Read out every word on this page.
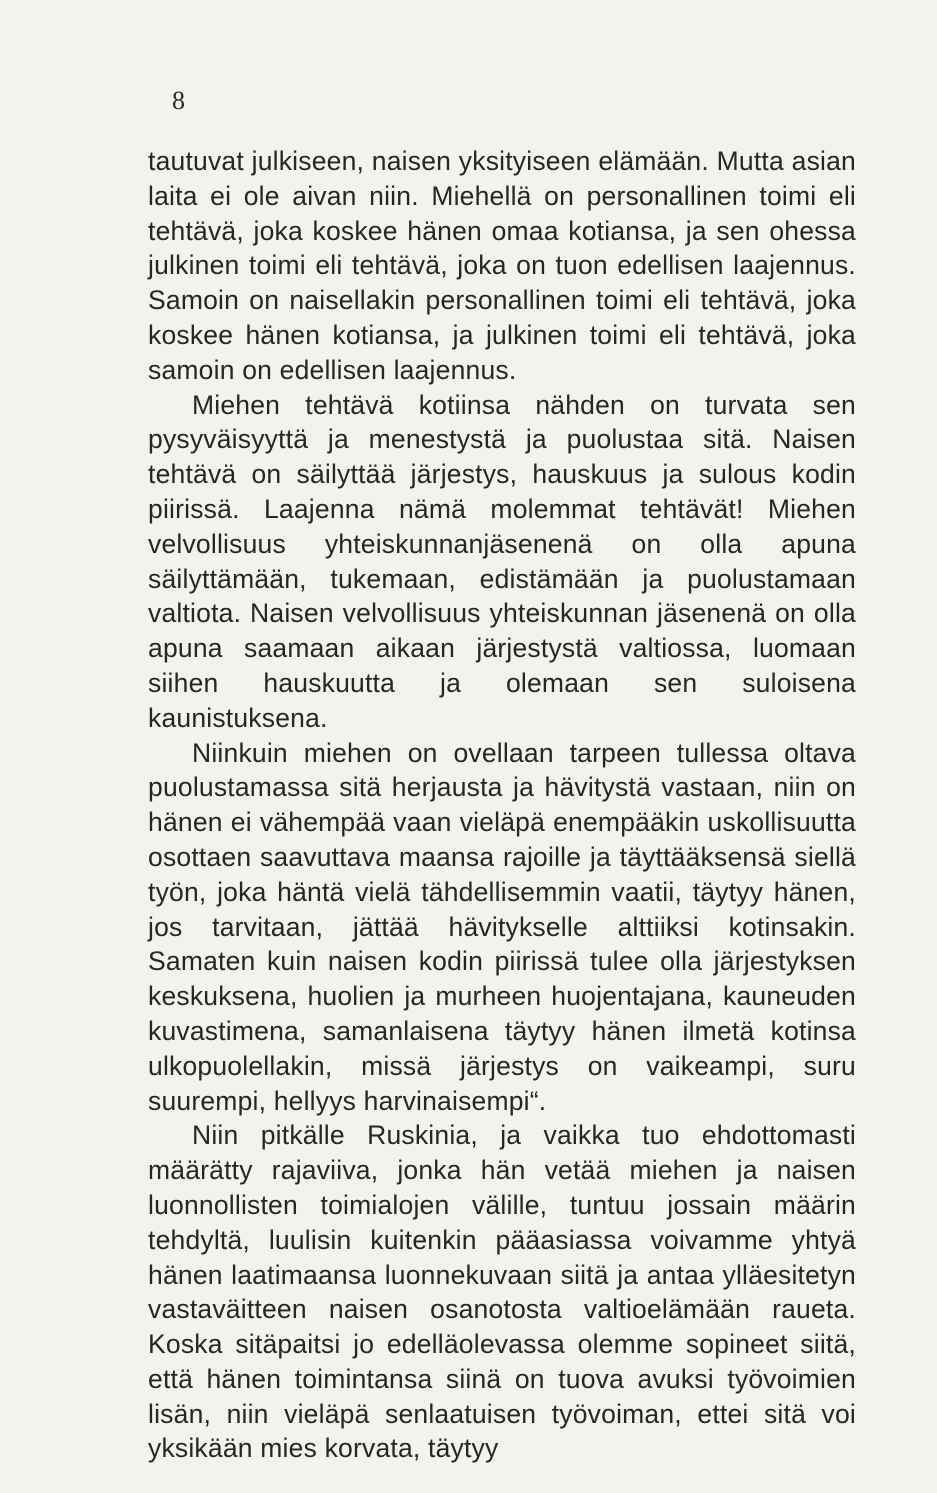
8

tautuvat julkiseen, naisen yksityiseen elämään. Mutta asian laita ei ole aivan niin. Miehellä on personallinen toimi eli tehtävä, joka koskee hänen omaa kotiansa, ja sen ohessa julkinen toimi eli tehtävä, joka on tuon edellisen laajennus. Samoin on naisellakin personallinen toimi eli tehtävä, joka koskee hänen kotiansa, ja julkinen toimi eli tehtävä, joka samoin on edellisen laajennus.

Miehen tehtävä kotiinsa nähden on turvata sen pysyväisyyttä ja menestystä ja puolustaa sitä. Naisen tehtävä on säilyttää järjestys, hauskuus ja sulous kodin piirissä. Laajenna nämä molemmat tehtävät! Miehen velvollisuus yhteiskunnanjäsenenä on olla apuna säilyttämään, tukemaan, edistämään ja puolustamaan valtiota. Naisen velvollisuus yhteiskunnan jäsenenä on olla apuna saamaan aikaan järjestystä valtiossa, luomaan siihen hauskuutta ja olemaan sen suloisena kaunistuksena.

Niinkuin miehen on ovellaan tarpeen tullessa oltava puolustamassa sitä herjausta ja hävitystä vastaan, niin on hänen ei vähempää vaan vieläpä enempääkin uskollisuutta osottaen saavuttava maansa rajoille ja täyttääksensä siellä työn, joka häntä vielä tähdellisemmin vaatii, täytyy hänen, jos tarvitaan, jättää hävitykselle alttiiksi kotinsakin. Samaten kuin naisen kodin piirissä tulee olla järjestyksen keskuksena, huolien ja murheen huojentajana, kauneuden kuvastimena, samanlaisena täytyy hänen ilmetä kotinsa ulkopuolellakin, missä järjestys on vaikeampi, suru suurempi, hellyys harvinaisempi“.

Niin pitkälle Ruskinia, ja vaikka tuo ehdottomasti määrätty rajaviiva, jonka hän vetää miehen ja naisen luonnollisten toimialojen välille, tuntuu jossain määrin tehdyltä, luulisin kuitenkin pääasiassa voivamme yhtyä hänen laatimaansa luonnekuvaan siitä ja antaa ylläesitetyn vastaväitteen naisen osanotosta valtioelämään raueta. Koska sitäpaitsi jo edelläolevassa olemme sopineet siitä, että hänen toimintansa siinä on tuova avuksi työvoimien lisän, niin vieläpä senlaatuisen työvoiman, ettei sitä voi yksikään mies korvata, täytyy
